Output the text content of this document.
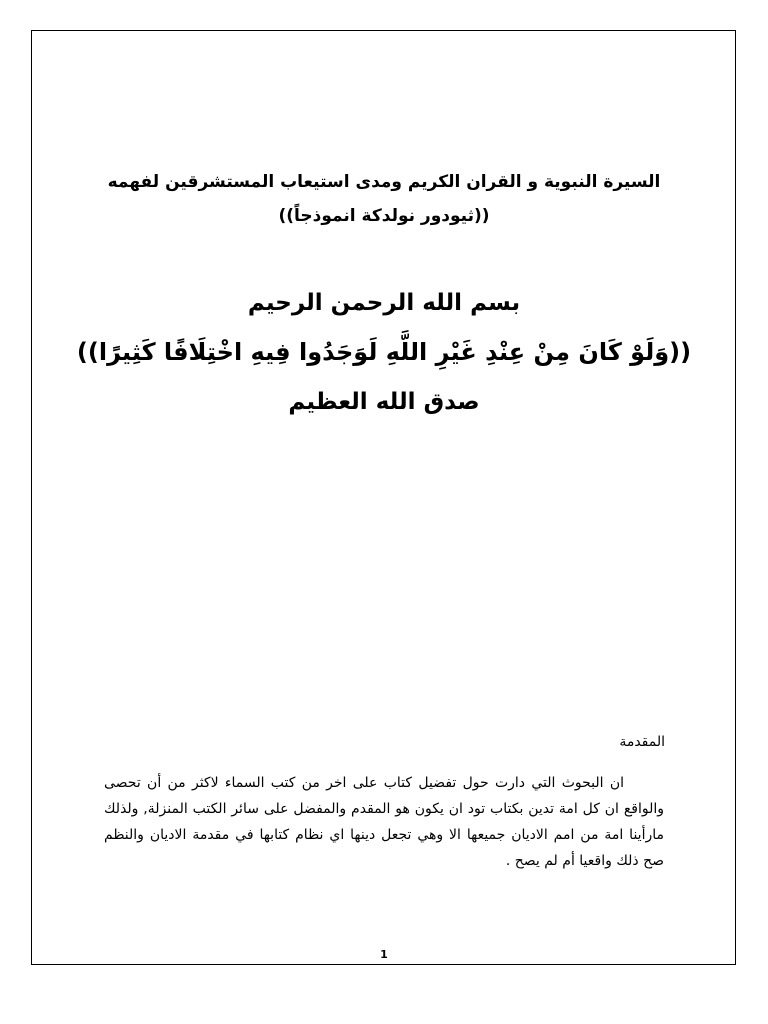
السيرة النبوية و القران الكريم ومدى استيعاب المستشرقين لفهمه
((ثيودور نولدكة انموذجاً))
بسم الله الرحمن الرحيم
((وَلَوْ كَانَ مِنْ عِنْدِ غَيْرِ اللَّهِ لَوَجَدُوا فِيهِ اخْتِلَافًا كَثِيرًا))
صدق الله العظيم
المقدمة
ان البحوث التي دارت حول تفضيل كتاب على اخر من كتب السماء لاكثر من أن تحصى والواقع ان كل امة تدين بكتاب تود ان يكون هو المقدم والمفضل على سائر الكتب المنزلة, ولذلك مارأينا امة من امم الاديان جميعها الا وهي تجعل دينها اي نظام كتابها في مقدمة الاديان والنظم صح ذلك واقعيا أم لم يصح .
1
